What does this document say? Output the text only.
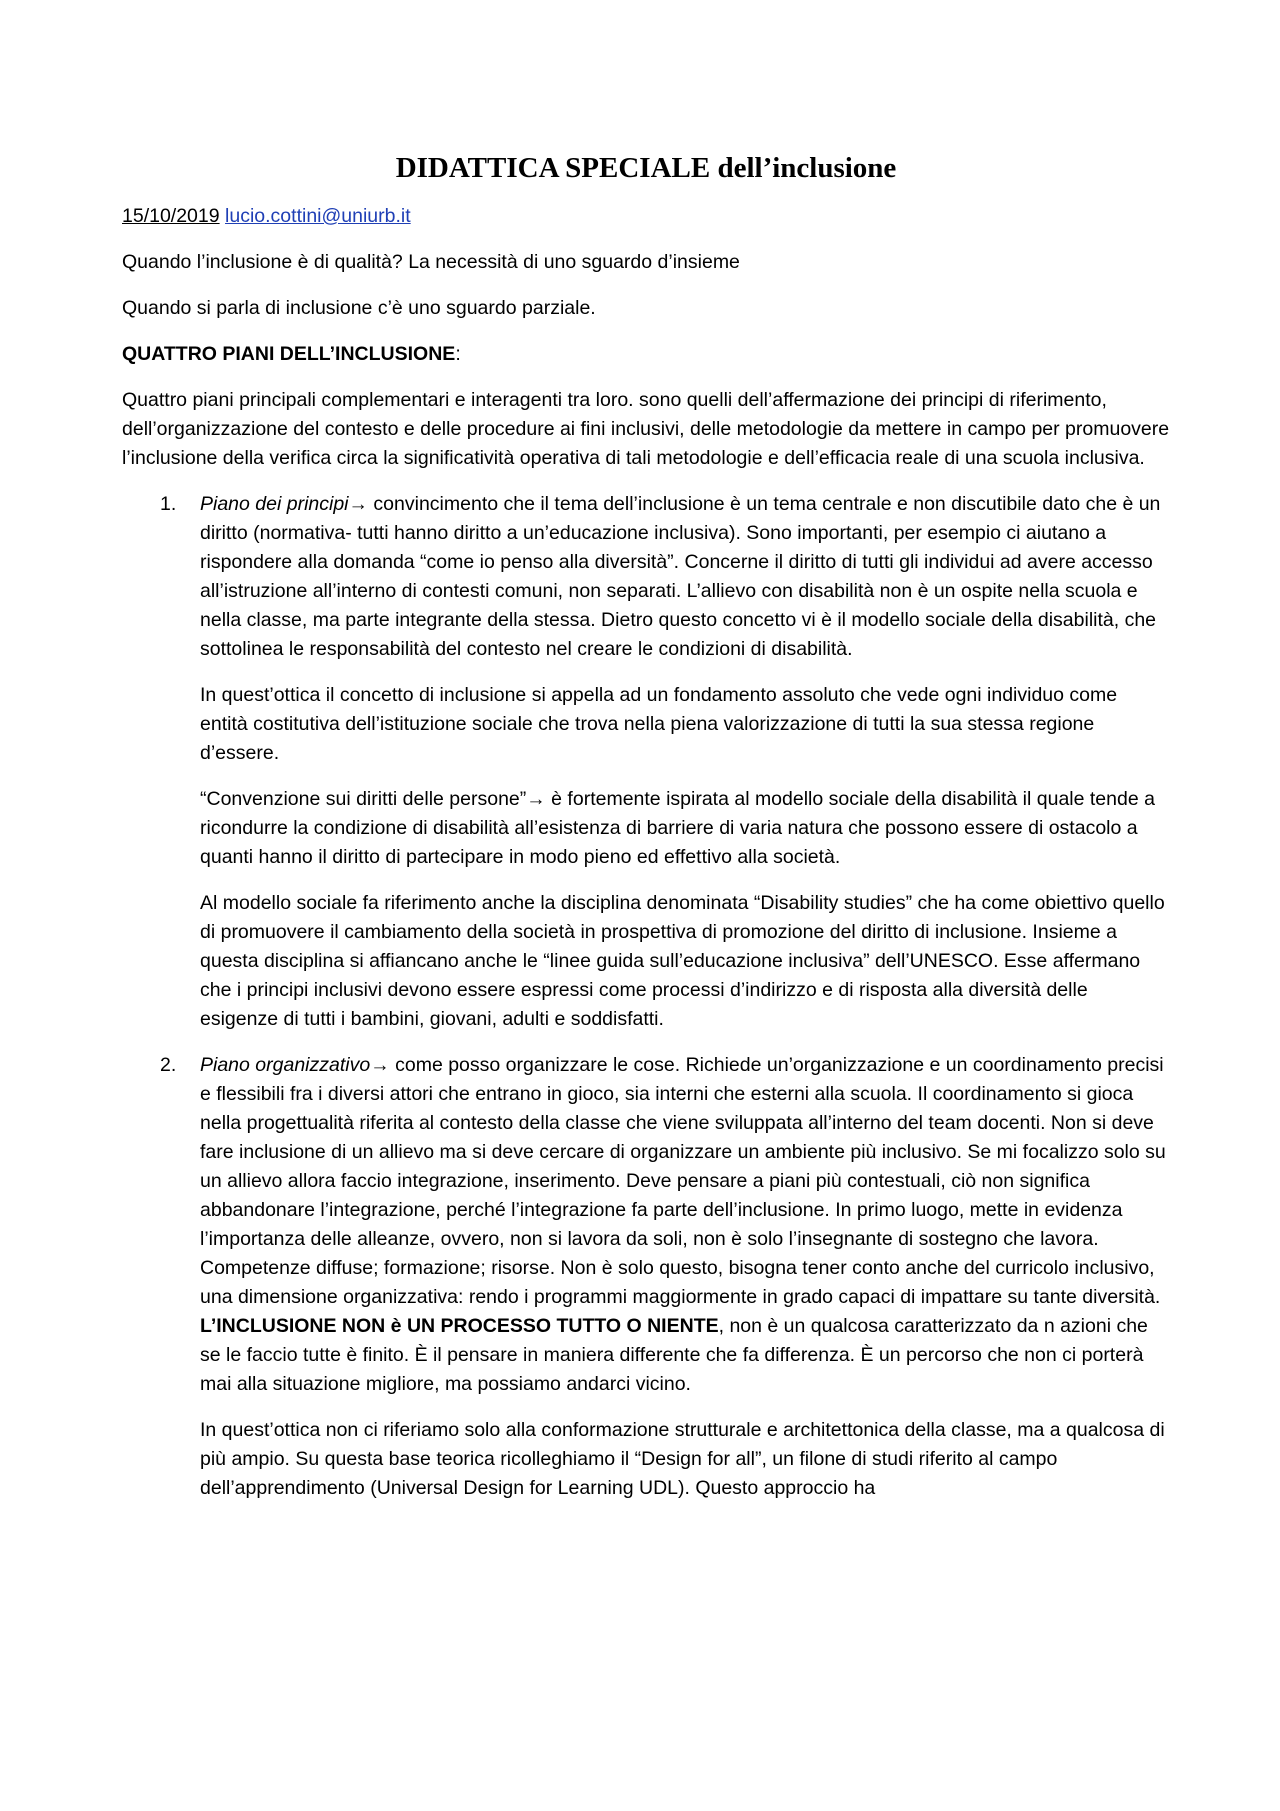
DIDATTICA SPECIALE dell’inclusione

15/10/2019 lucio.cottini@uniurb.it

Quando l’inclusione è di qualità? La necessità di uno sguardo d’insieme

Quando si parla di inclusione c’è uno sguardo parziale.

QUATTRO PIANI DELL’INCLUSIONE:

Quattro piani principali complementari e interagenti tra loro. sono quelli dell’affermazione dei principi di riferimento, dell’organizzazione del contesto e delle procedure ai fini inclusivi, delle metodologie da mettere in campo per promuovere l’inclusione della verifica circa la significatività operativa di tali metodologie e dell’efficacia reale di una scuola inclusiva.

1. Piano dei principi→ convincimento che il tema dell’inclusione è un tema centrale e non discutibile dato che è un diritto (normativa- tutti hanno diritto a un’educazione inclusiva). Sono importanti, per esempio ci aiutano a rispondere alla domanda “come io penso alla diversità”. Concerne il diritto di tutti gli individui ad avere accesso all’istruzione all’interno di contesti comuni, non separati. L’allievo con disabilità non è un ospite nella scuola e nella classe, ma parte integrante della stessa. Dietro questo concetto vi è il modello sociale della disabilità, che sottolinea le responsabilità del contesto nel creare le condizioni di disabilità.

In quest’ottica il concetto di inclusione si appella ad un fondamento assoluto che vede ogni individuo come entità costitutiva dell’istituzione sociale che trova nella piena valorizzazione di tutti la sua stessa regione d’essere.

“Convenzione sui diritti delle persone”→ è fortemente ispirata al modello sociale della disabilità il quale tende a ricondurre la condizione di disabilità all’esistenza di barriere di varia natura che possono essere di ostacolo a quanti hanno il diritto di partecipare in modo pieno ed effettivo alla società.

Al modello sociale fa riferimento anche la disciplina denominata “Disability studies” che ha come obiettivo quello di promuovere il cambiamento della società in prospettiva di promozione del diritto di inclusione. Insieme a questa disciplina si affiancano anche le “linee guida sull’educazione inclusiva” dell’UNESCO. Esse affermano che i principi inclusivi devono essere espressi come processi d’indirizzo e di risposta alla diversità delle esigenze di tutti i bambini, giovani, adulti e soddisfatti.

2. Piano organizzativo→ come posso organizzare le cose. Richiede un’organizzazione e un coordinamento precisi e flessibili fra i diversi attori che entrano in gioco, sia interni che esterni alla scuola. Il coordinamento si gioca nella progettualità riferita al contesto della classe che viene sviluppata all’interno del team docenti. Non si deve fare inclusione di un allievo ma si deve cercare di organizzare un ambiente più inclusivo. Se mi focalizzo solo su un allievo allora faccio integrazione, inserimento. Deve pensare a piani più contestuali, ciò non significa abbandonare l’integrazione, perché l’integrazione fa parte dell’inclusione. In primo luogo, mette in evidenza l’importanza delle alleanze, ovvero, non si lavora da soli, non è solo l’insegnante di sostegno che lavora. Competenze diffuse; formazione; risorse. Non è solo questo, bisogna tener conto anche del curricolo inclusivo, una dimensione organizzativa: rendo i programmi maggiormente in grado capaci di impattare su tante diversità. L’INCLUSIONE NON è UN PROCESSO TUTTO O NIENTE, non è un qualcosa caratterizzato da n azioni che se le faccio tutte è finito. È il pensare in maniera differente che fa differenza. È un percorso che non ci porterà mai alla situazione migliore, ma possiamo andarci vicino.

In quest’ottica non ci riferiamo solo alla conformazione strutturale e architettonica della classe, ma a qualcosa di più ampio. Su questa base teorica ricolleghiamo il “Design for all”, un filone di studi riferito al campo dell’apprendimento (Universal Design for Learning UDL). Questo approccio ha
